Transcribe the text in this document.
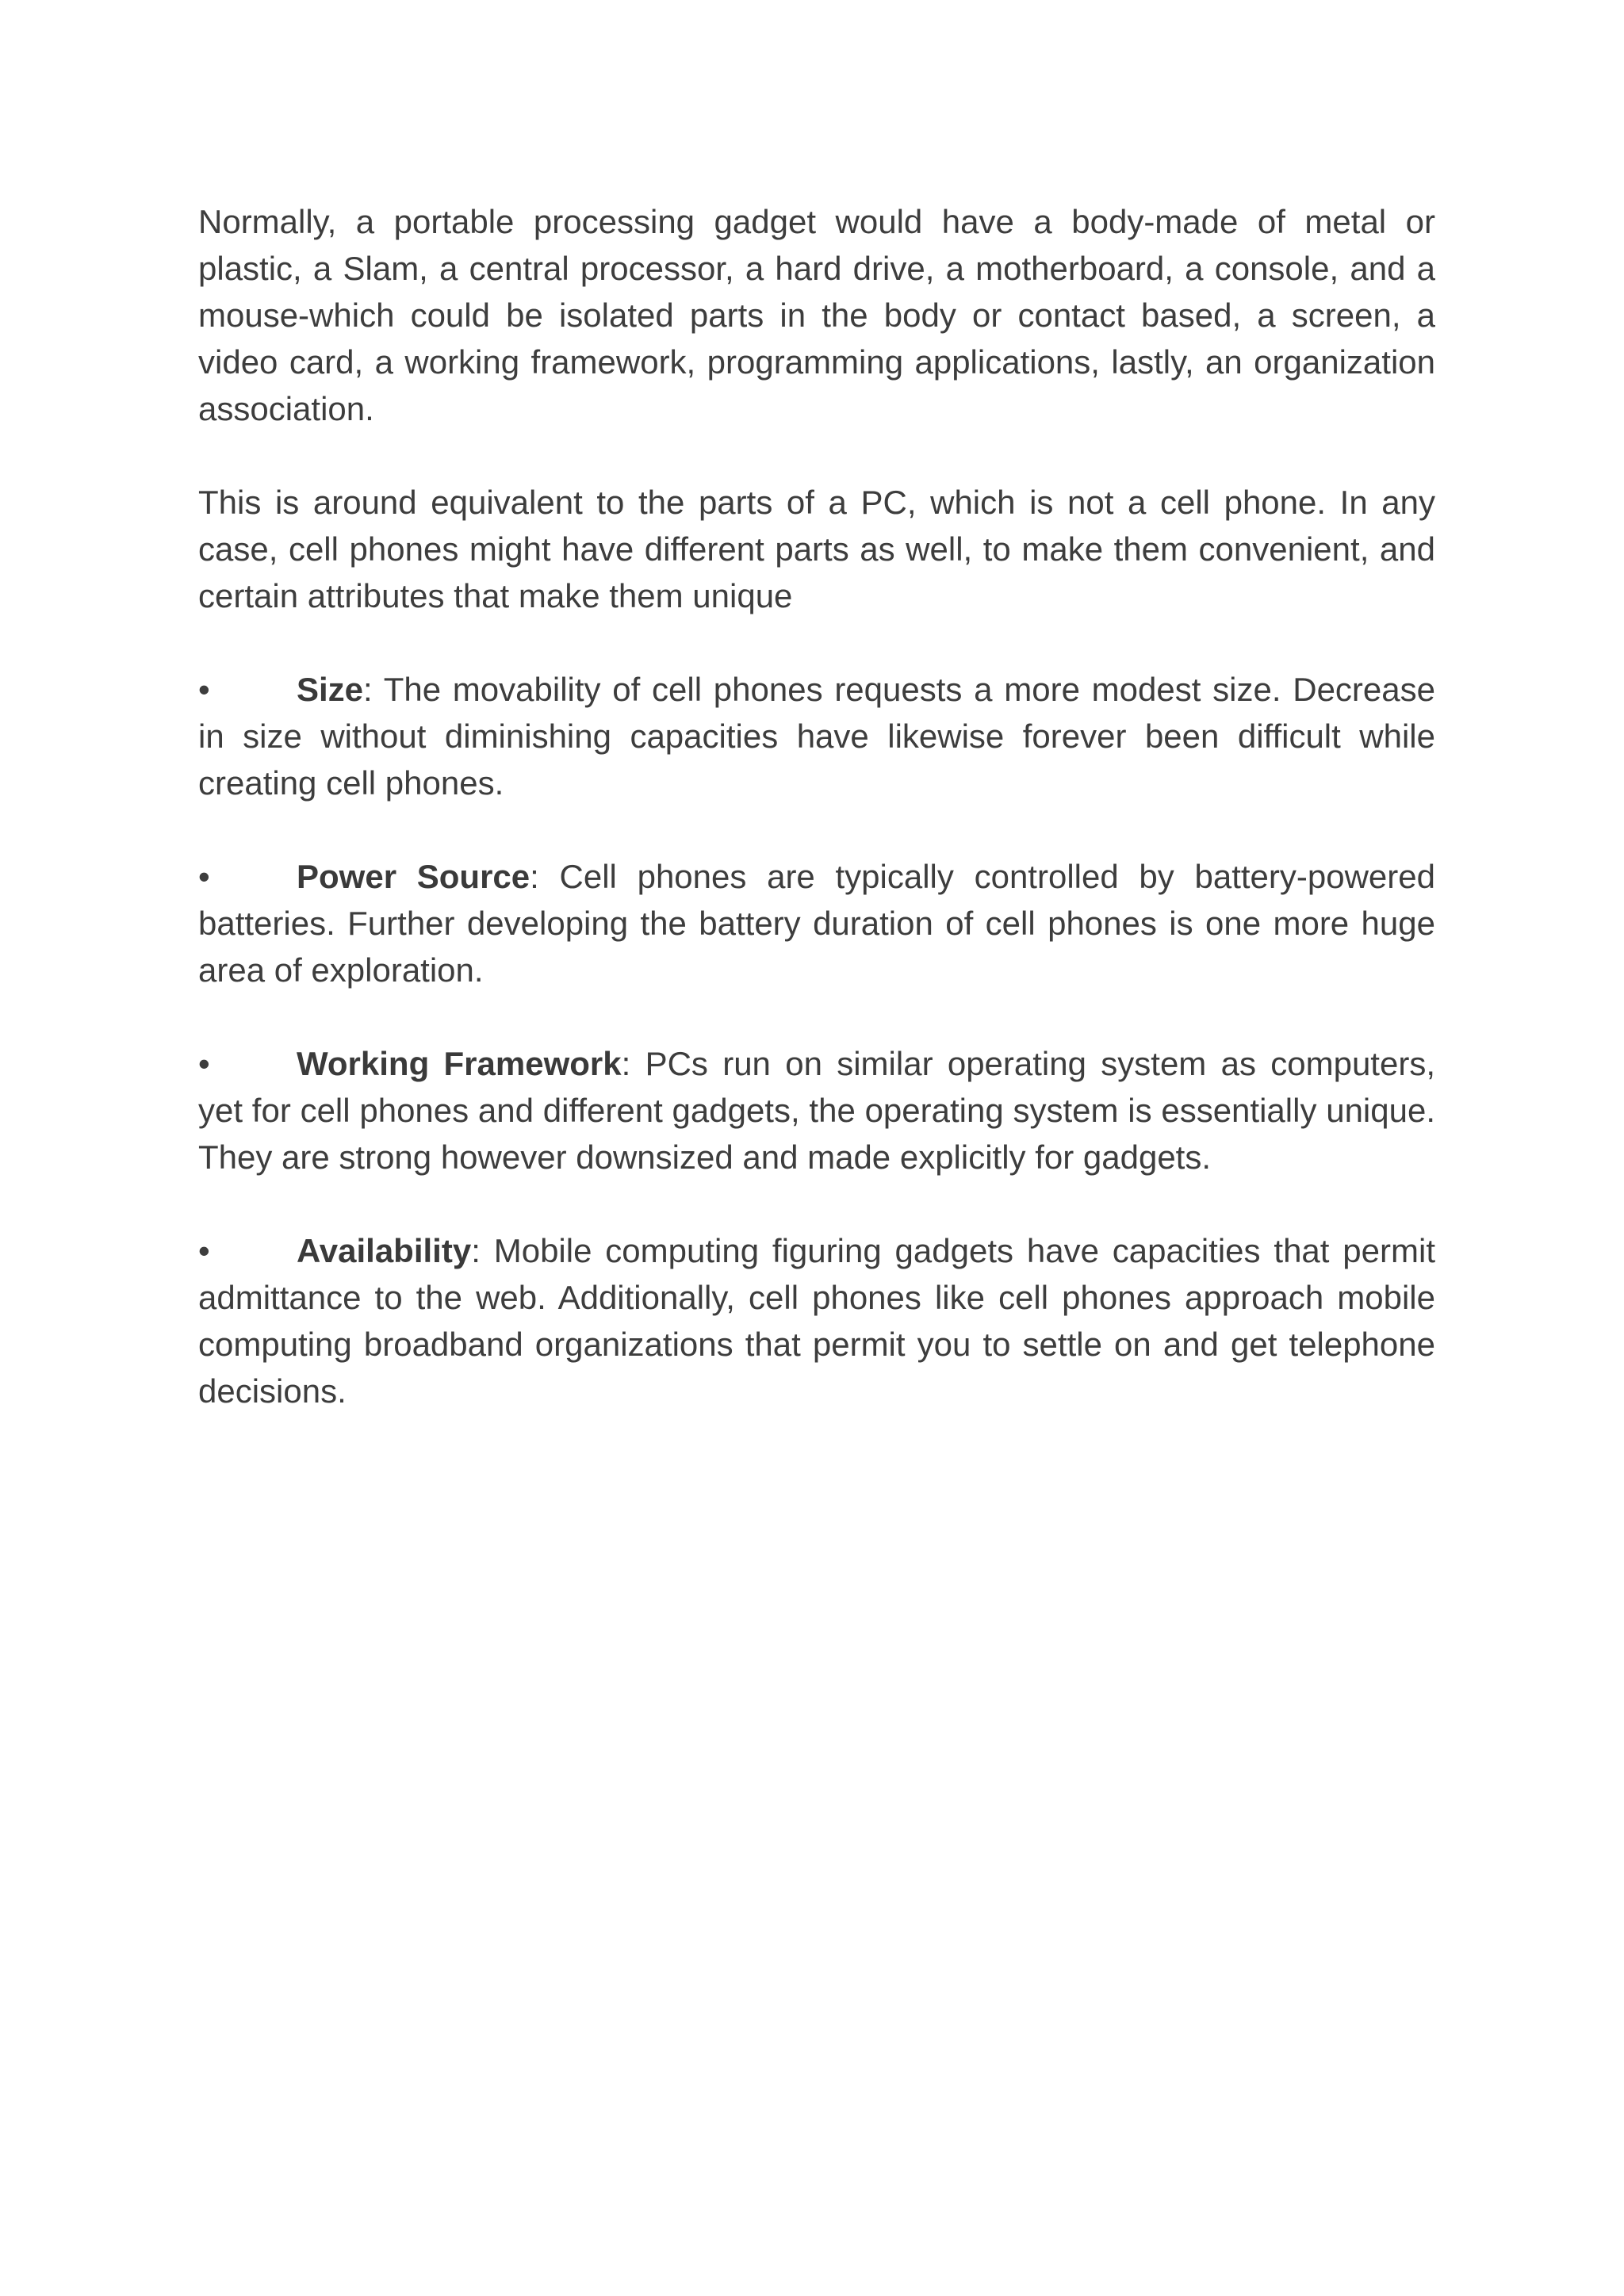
Normally, a portable processing gadget would have a body-made of metal or plastic, a Slam, a central processor, a hard drive, a motherboard, a console, and a mouse-which could be isolated parts in the body or contact based, a screen, a video card, a working framework, programming applications, lastly, an organization association.

This is around equivalent to the parts of a PC, which is not a cell phone. In any case, cell phones might have different parts as well, to make them convenient, and certain attributes that make them unique

•	Size: The movability of cell phones requests a more modest size. Decrease in size without diminishing capacities have likewise forever been difficult while creating cell phones.

•	Power Source: Cell phones are typically controlled by battery-powered batteries. Further developing the battery duration of cell phones is one more huge area of exploration.

•	Working Framework: PCs run on similar operating system as computers, yet for cell phones and different gadgets, the operating system is essentially unique. They are strong however downsized and made explicitly for gadgets.

•	Availability: Mobile computing figuring gadgets have capacities that permit admittance to the web. Additionally, cell phones like cell phones approach mobile computing broadband organizations that permit you to settle on and get telephone decisions.
